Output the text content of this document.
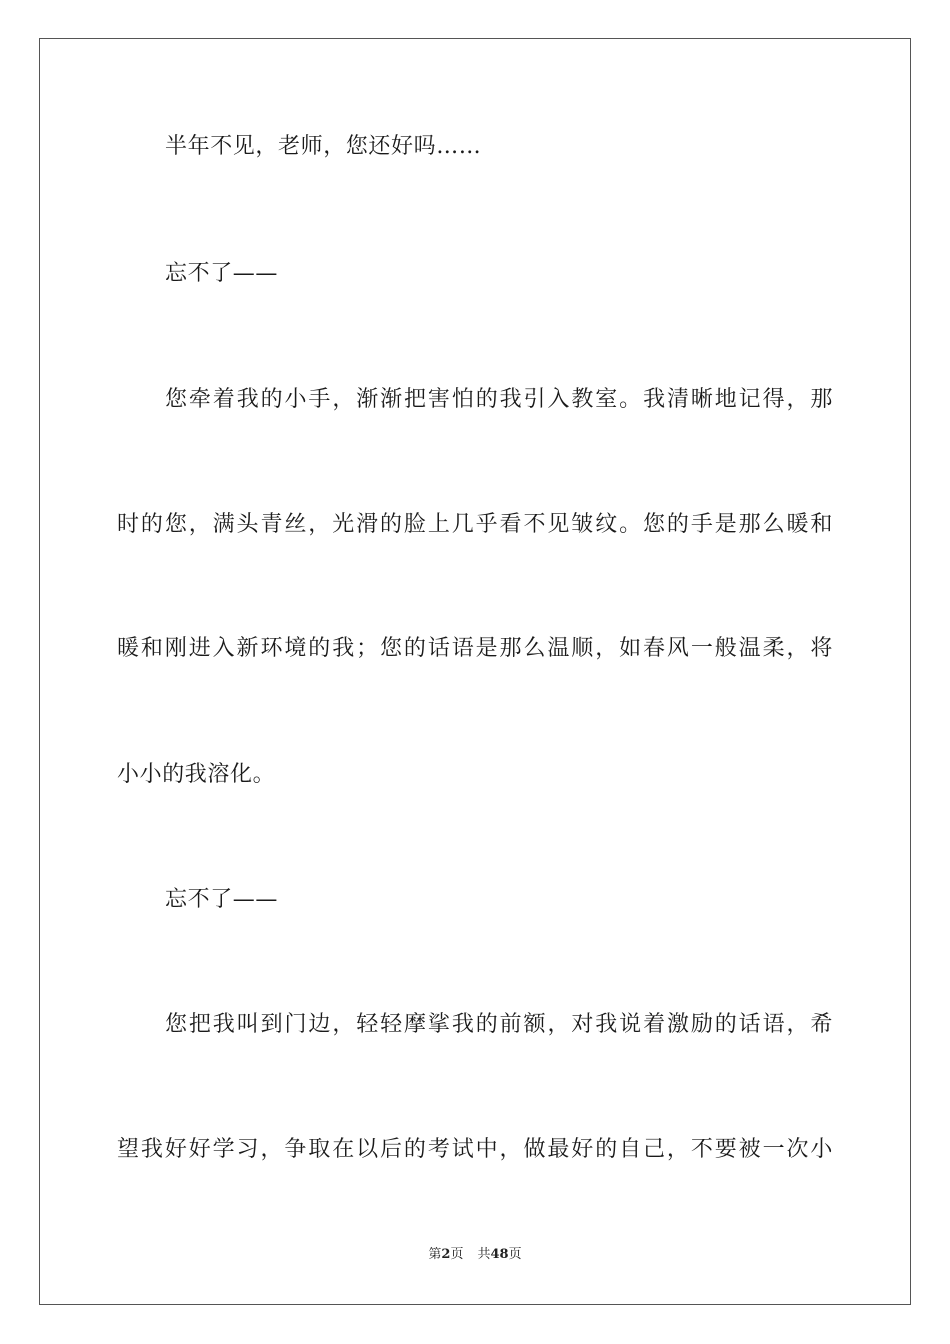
半年不见，老师，您还好吗……
忘不了——
您牵着我的小手，渐渐把害怕的我引入教室。我清晰地记得，那
时的您，满头青丝，光滑的脸上几乎看不见皱纹。您的手是那么暖和
暖和刚进入新环境的我；您的话语是那么温顺，如春风一般温柔，将
小小的我溶化。
忘不了——
您把我叫到门边，轻轻摩挲我的前额，对我说着激励的话语，希
望我好好学习，争取在以后的考试中，做最好的自己，不要被一次小
第2页 共48页
